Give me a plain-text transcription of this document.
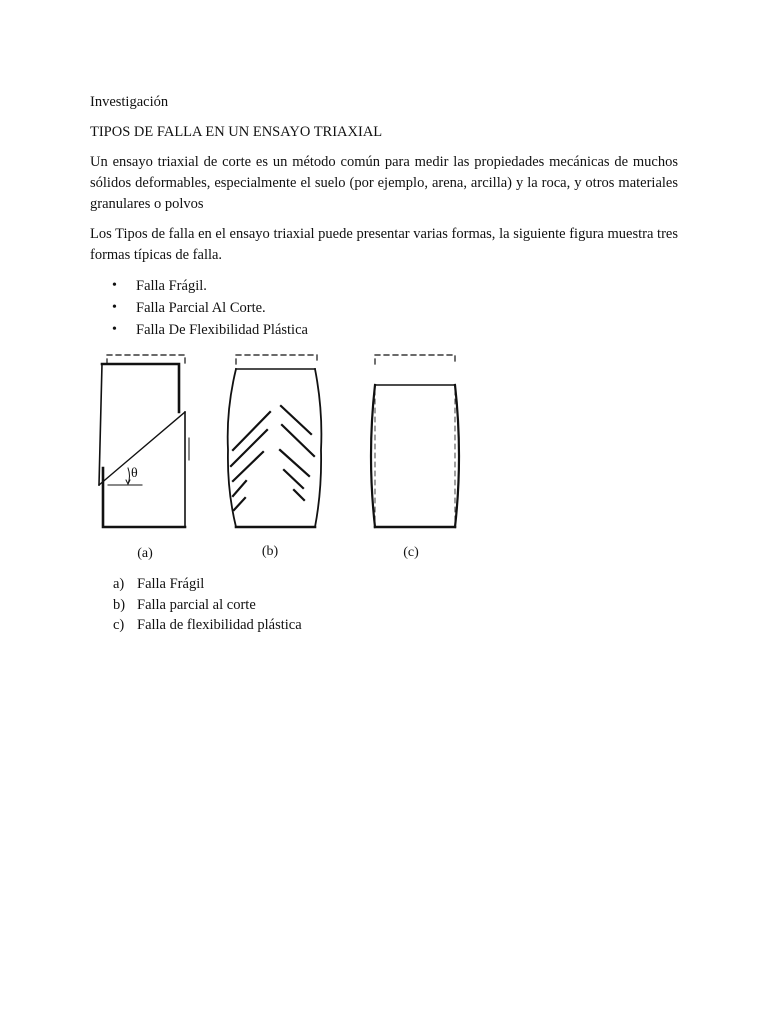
Investigación

TIPOS DE FALLA EN UN ENSAYO TRIAXIAL

Un ensayo triaxial de corte es un método común para medir las propiedades mecánicas de muchos sólidos deformables, especialmente el suelo (por ejemplo, arena, arcilla) y la roca, y otros materiales granulares o polvos

Los Tipos de falla en el ensayo triaxial puede presentar varias formas, la siguiente figura muestra tres formas típicas de falla.

• Falla Frágil.
• Falla Parcial Al Corte.
• Falla De Flexibilidad Plástica
θ
(a)	(b)	(c)
a) Falla Frágil
b) Falla parcial al corte
c) Falla de flexibilidad plástica
